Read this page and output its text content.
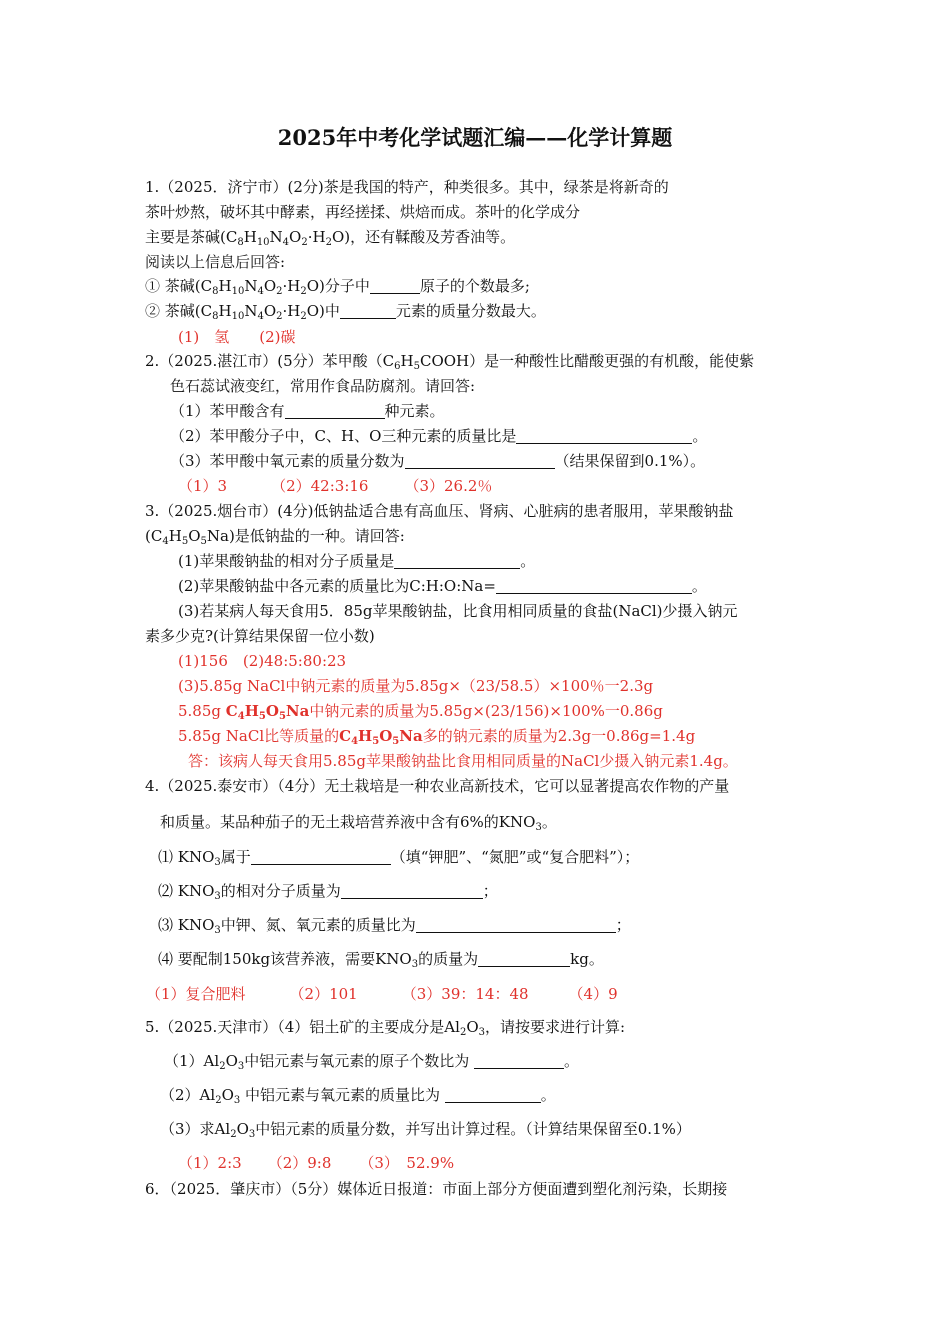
2025年中考化学试题汇编——化学计算题
1.（2025．济宁市）(2分)茶是我国的特产，种类很多。其中，绿茶是将新奇的
茶叶炒熬，破坏其中酵素，再经搓揉、烘焙而成。茶叶的化学成分
主要是茶碱$(C_8H_{10}N_4O_2\cdot H_2O)$，还有鞣酸及芳香油等。
阅读以上信息后回答:
① 茶碱$(C_8H_{10}N_4O_2\cdot H_2O)$分子中	原子的个数最多;
② 茶碱$(C_8H_{10}N_4O_2\cdot H_2O)$中	元素的质量分数最大。
(1)　氢 (2)碳
2.（2025.湛江市）(5分）苯甲酸$(C_6H_5COOH)$是一种酸性比醋酸更强的有机酸，能使紫
色石蕊试液变红，常用作食品防腐剂。请回答:
（1）苯甲酸含有	种元素。
（2）苯甲酸分子中，C、H、O三种元素的质量比是	。
（3）苯甲酸中氧元素的质量分数为	（结果保留到0.1%）。
（1）3	（2）42:3:16 （3）26.2％
3.（2025.烟台市）(4分)低钠盐适合患有高血压、肾病、心脏病的患者服用，苹果酸钠盐
$(C_4H_5O_5Na)$是低钠盐的一种。请回答:
(1)苹果酸钠盐的相对分子质量是	。
(2)苹果酸钠盐中各元素的质量比为C:H:O:Na=	。
(3)若某病人每天食用5．85g苹果酸钠盐，比食用相同质量的食盐(NaCl)少摄入钠元
素多少克?(计算结果保留一位小数)
(1)156　(2)48:5:80:23
(3)5.85g NaCl中钠元素的质量为5.85g×（23/58.5）×100％一2.3g
5.85g $C_4H_5O_5Na$中钠元素的质量为5.85g×(23/156)×100%一0.86g
5.85g NaCl比等质量的$C_4H_5O_5Na$多的钠元素的质量为2.3g一0.86g=1.4g
答：该病人每天食用5.85g苹果酸钠盐比食用相同质量的NaCl少摄入钠元素1.4g。
4.（2025.泰安市）（4分）无土栽培是一种农业高新技术，它可以显著提高农作物的产量
和质量。某品种茄子的无土栽培营养液中含有6%的$KNO_3$。
⑴ $KNO_3$属于	（填“钾肥”、“氮肥”或“复合肥料”）；
⑵ $KNO_3$的相对分子质量为	；
⑶ $KNO_3$中钾、氮、氧元素的质量比为	；
⑷ 要配制150kg该营养液，需要$KNO_3$的质量为	kg。
（1）复合肥料	（2）101	（3）39：14：48	（4）9
5.（2025.天津市）（4）铝土矿的主要成分是$Al_2O_3$，请按要求进行计算:
$(1)Al_2O_3$中铝元素与氧元素的原子个数比为	。
$(2)Al_2O_3$ 中铝元素与氧元素的质量比为	。
（3）求$Al_2O_3$中铝元素的质量分数，并写出计算过程。（计算结果保留至0.1%）
（1）2:3 （2）9:8 （3）　52.9%
6．（2025．肇庆市）（5分）媒体近日报道：市面上部分方便面遭到塑化剂污染，长期接
